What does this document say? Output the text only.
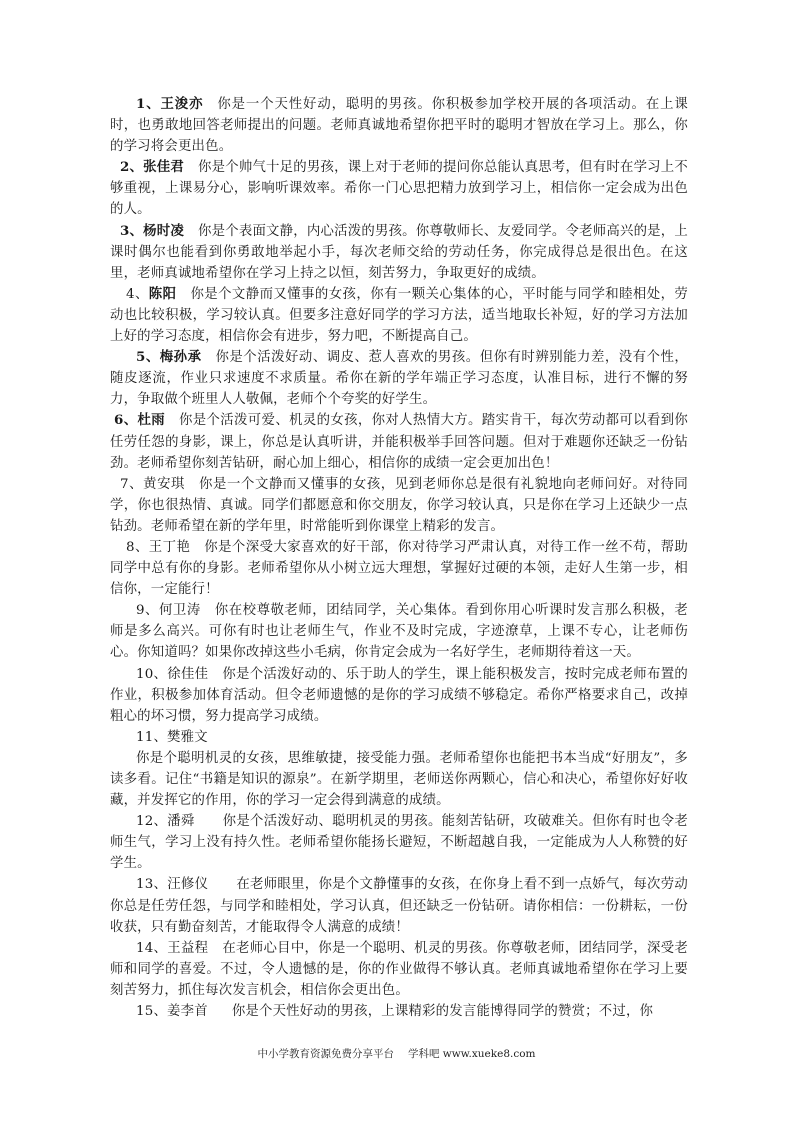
1、王浚亦 你是一个天性好动，聪明的男孩。你积极参加学校开展的各项活动。在上课时，也勇敢地回答老师提出的问题。老师真诚地希望你把平时的聪明才智放在学习上。那么，你的学习将会更出色。

2、张佳君 你是个帅气十足的男孩，课上对于老师的提问你总能认真思考，但有时在学习上不够重视，上课易分心，影响听课效率。希你一门心思把精力放到学习上，相信你一定会成为出色的人。

3、杨时凌 你是个表面文静，内心活泼的男孩。你尊敬师长、友爱同学。令老师高兴的是，上课时偶尔也能看到你勇敢地举起小手，每次老师交给的劳动任务，你完成得总是很出色。在这里，老师真诚地希望你在学习上持之以恒，刻苦努力，争取更好的成绩。

4、陈阳 你是个文静而又懂事的女孩，你有一颗关心集体的心，平时能与同学和睦相处，劳动也比较积极，学习较认真。但要多注意好同学的学习方法，适当地取长补短，好的学习方法加上好的学习态度，相信你会有进步，努力吧，不断提高自己。

5、梅孙承 你是个活泼好动、调皮、惹人喜欢的男孩。但你有时辨别能力差，没有个性，随皮逐流，作业只求速度不求质量。希你在新的学年端正学习态度，认准目标，进行不懈的努力，争取做个班里人人敬佩，老师个个夸奖的好学生。

6、杜雨 你是个活泼可爱、机灵的女孩，你对人热情大方。踏实肯干，每次劳动都可以看到你任劳任怨的身影，课上，你总是认真听讲，并能积极举手回答问题。但对于难题你还缺乏一份钻劲。老师希望你刻苦钻研，耐心加上细心，相信你的成绩一定会更加出色！

7、黄安琪 你是一个文静而又懂事的女孩，见到老师你总是很有礼貌地向老师问好。对待同学，你也很热情、真诚。同学们都愿意和你交朋友，你学习较认真，只是你在学习上还缺少一点钻劲。老师希望在新的学年里，时常能听到你课堂上精彩的发言。

8、王丁艳 你是个深受大家喜欢的好干部，你对待学习严肃认真，对待工作一丝不苟，帮助同学中总有你的身影。老师希望你从小树立远大理想，掌握好过硬的本领，走好人生第一步，相信你，一定能行！

9、何卫涛 你在校尊敬老师，团结同学，关心集体。看到你用心听课时发言那么积极，老师是多么高兴。可你有时也让老师生气，作业不及时完成，字迹潦草，上课不专心，让老师伤心。你知道吗？如果你改掉这些小毛病，你肯定会成为一名好学生，老师期待着这一天。

10、徐佳佳 你是个活泼好动的、乐于助人的学生，课上能积极发言，按时完成老师布置的作业，积极参加体育活动。但令老师遗憾的是你的学习成绩不够稳定。希你严格要求自己，改掉粗心的坏习惯，努力提高学习成绩。

11、樊雅文

你是个聪明机灵的女孩，思维敏捷，接受能力强。老师希望你也能把书本当成“好朋友”，多读多看。记住“书籍是知识的源泉”。在新学期里，老师送你两颗心，信心和决心，希望你好好收藏，并发挥它的作用，你的学习一定会得到满意的成绩。

12、潘舜 你是个活泼好动、聪明机灵的男孩。能刻苦钻研，攻破难关。但你有时也令老师生气，学习上没有持久性。老师希望你能扬长避短，不断超越自我，一定能成为人人称赞的好学生。

13、汪修仪 在老师眼里，你是个文静懂事的女孩，在你身上看不到一点娇气，每次劳动你总是任劳任怨，与同学和睦相处，学习认真，但还缺乏一份钻研。请你相信：一份耕耘，一份收获，只有勤奋刻苦，才能取得令人满意的成绩！

14、王益程 在老师心目中，你是一个聪明、机灵的男孩。你尊敬老师，团结同学，深受老师和同学的喜爱。不过，令人遗憾的是，你的作业做得不够认真。老师真诚地希望你在学习上要刻苦努力，抓住每次发言机会，相信你会更出色。

15、姜李首 你是个天性好动的男孩，上课精彩的发言能博得同学的赞赏；不过，你

中小学教育资源免费分享平台 学科吧 www.xueke8.com
